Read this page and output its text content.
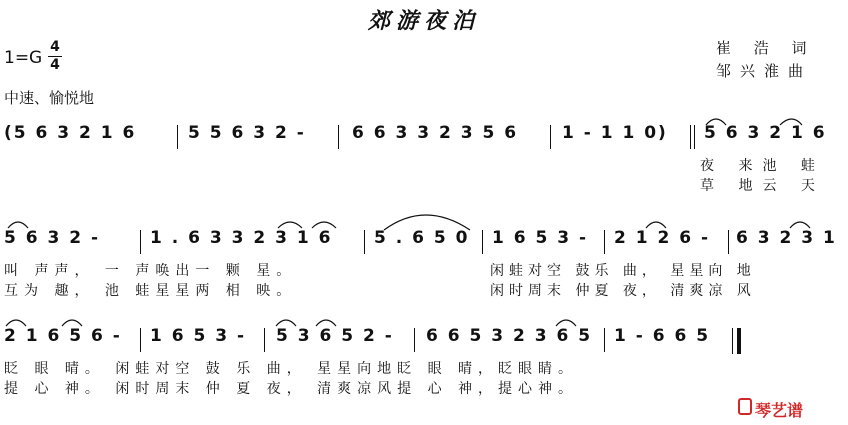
郊游夜泊
1=G
4
4
崔 浩 词
邹兴淮曲
中速、愉悦地
(5 6 3 2 1 6	5 5 6 3 2 -	6 6 3 3 2 3 5 6	1 - 1 1 0) 5 6 3 2 1 6
夜 来池 蛙
草 地云 天
5 6 3 2 -	1 . 6 3 3 2 3 1 6 5 . 6 5 0 1 6 5 3 - 2 1 2 6 - 6 3 2 3 1
叫 声声， 一 声唤出一 颗 星。
互为 趣， 池 蛙星星两 相 映。
闲蛙对空 鼓乐 曲， 星星向 地
闲时周末 仲夏 夜， 清爽凉 风
2 1 6 5 6 - 1 6 5 3 - 5 3 6 5 2 - 6 6 5 3 2 3 6 5 1 - 6 6 5
眨 眼 晴。 闲蛙对空 鼓 乐 曲， 星星向地眨 眼 晴，眨眼睛。
提 心 神。 闲时周末 仲 夏 夜， 清爽凉风提 心 神，提心神。
琴艺谱
